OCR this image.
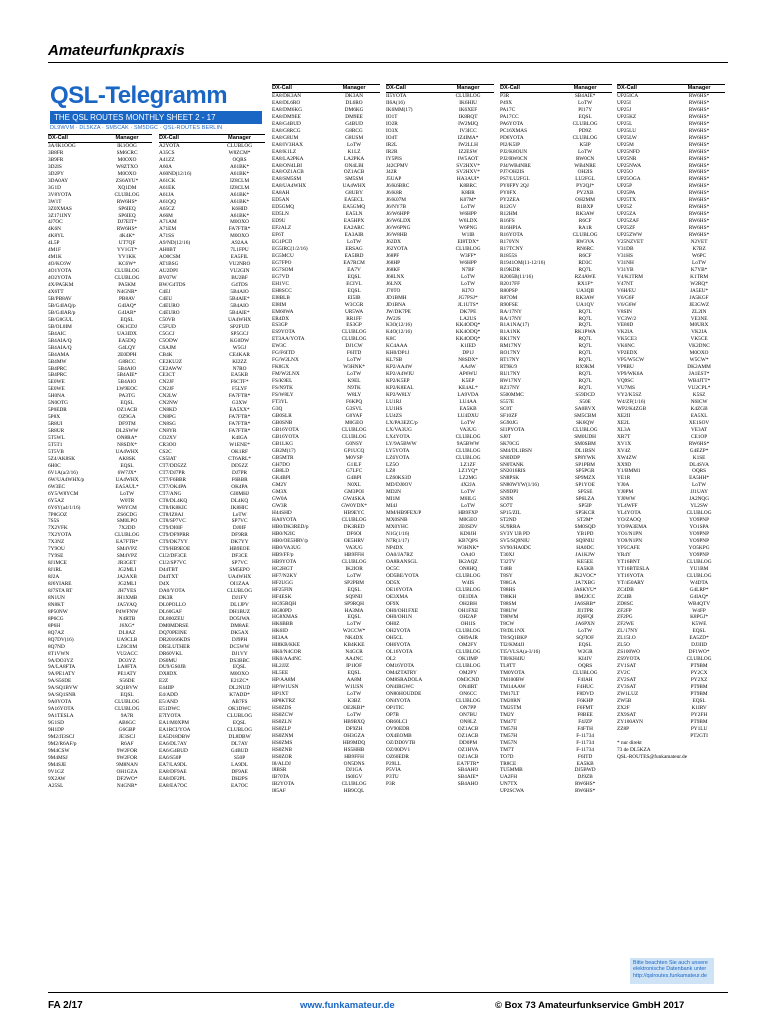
Amateurfunkpraxis
QSL-Telegramm
THE QSL ROUTES MONTHLY SHEET 2 - 17
DL9WVM · DL5KZA · SM5CAK · SM5DGC · QSL-ROUTES BERLIN
DX-Call	Manager
3A/IK1OOG	IK1OOG
3B8FR	SM6CRC
3B9FR	M0OXO
3D2IS	W8ZTXO
3D2PY	M0OXO
3DA0AY	ZS6AYU*
3G1D	XQ1DM
3V8YOTA	CLUBLOG
3W1T	RW6HS*
3Z0XMAS	SP6IEQ
3Z171INY	SP6IEQ
4J7OC	DJ7EIT*
4K6N	RW6HS*
4K8YL	4K4K*
4L5P	UT7QF
4M1F	YV1GT*
4M1K	YV1KK
4O/KC6W	KC6W*
4O1YOTA	CLUBLOG
4O2YOTA	CLUBLOG
4X/PA5KM	PA5KM
4X6TT	N4GNR*
5B/PB8AV	PB8AV
5B/G4IAQ/p	G4IAQ*
5B/G4IAR/p	G4IAR*
5B/G8GUL	EQSL
5B/OL0IM	OK1CDJ
5B4AIC	UA3IDX
5B4AIA/Q	EA5DQ
5B4AIA/Q	G4LQY
5B4AMA	2E0DPH
5B4MW	G8RCC
5B4PRC	5B4AIO
5B4PRC	5B4AIE*
5E0WE	5B4AIO
5E0WE	LW9EOC
5H0NA	PA3TG
5N0OTG	EQSL
5P0EDR	OZ1ACB
5P8X	OZ9GA
5R8UI	DF9TM
5R8UR	DL2SWW
5T5WL	ON8RA*
5T5T1	N8SDX*
5T5VB	UA4WHX
5Z4/AK8SK	AK8SK
6H0C	EQSL
6V1A(a/2/16)	6W7JX*
6W/UA4WHX/p	UA4WHX
6W3EC	EA5AUL*
6Y5/W8YCM	LoTW
6Y5AZ	W0TR
6Y6Y(a4/1/16)	W8YCM
7P8GOZ	ZS6CDG
7S5S	SM0LPO
7X2VFK	7X2DD
7X2YOTA	CLUBLOG
7X3NZ	EA7FTR*
7Y9OU	SM4VPZ
7Y9SE	SM4VPZ
8J1MCE	JR3GET
8J1RL	JG2MLI
8J2A	JA2AXB
8J6YIARE	JG2MLI
8J7STA RT	JH7YES
8N1UN	JH1XMB
8N8KT	JA5YAQ
8P50NW	P4WFNW
8P6CG	N4RTB
8P6H	J6XG*
8Q7AZ	DL8AZ
8Q7DV(16)	UA9CLB
8Q7ND	LZ6C0M
8T1VWN	VU2ACC
9A/DO3YZ	DO3YZ
9A/LA8FTA	LA8FTA
9A/PE1ATY	PE1ATY
9A/S56DE	S56DE
9A/SQ1BVW	SQ1BVW
9A/SQ1SNR	EQSL
9A0YOTA	CLUBLOG
9A16YOTA	CLUBLOG
9A1TESLA	9A7R
9G1SD	AB6GC
9H1DP	G6GBP
9M2/JI3SCJ	JE3SCJ
9M2/R6AF/p	R6AF
9M4CSW	9W2FOR
9M4MSJ	9W2FOR
9M4SJE	9M8NAN
9V1GZ	OH1GZA
9X2AW	DF2WO*
A25SL	N4GNR*
DX-Call	Manager
A2YOTA	CLUBLOG
A35CS	W8ZCM*
A41ZZ	OQRS
A60A	A61BK*
A60ND(12/16)	A61BK*
A61CK	IZ8CLM
A61EK	IZ8CLM
A61JA	A61BK*
A61QQ	A61BK*
A65CZ	K6HID
A66M	A61BK*
A71AM	M0OXO
A71EM	FA7FTR*
A71SS	M0OXO
A9/ND(12/16)	A92AA
AH0BT	7L1FPU
AO0CSM	EA5FIL
AT1BSG	VU2NRO
AU2DPI	VU2GIN
BV07W	BU2BF
BW/G4TDS	G4TDS
C4EJ	5B4AIO
C4EU	5B4AIE*
C4EURO	5B4AIO
C4EURO	5B4AIE*
C50VB	UA4WHX
C5FUD	SP2FUD
C5GCJ	SP5GCJ
C5ODW	KG0DW
C6AJM	W5GJ
CB4K	CE4KAR
CE2KU2Z	KI2ZZ
CE2AWW	N7RO
CE3CT	EA5KB
CN2JF	F6CTF*
CN2JF	F5LYF
CN2LW	FA7FTR*
CN2NW	G3XW
CN8KD	EA5XX*
CN8PG	FA7FTR*
CN8SG	FA7FTR*
CN8YR	FA7FTR*
CO2XV	K4IGA
CR3OO	W1ENE*
CS2C	OK1RF
CS5IAT	CT6ARL*
CT7/DD5ZZ	DD5ZZ
CT7/DJ7PR	DJ7PR
CT7/F6BBR	F6BBR
CT7/OK4PA	OK4PA
CT7/ANG	GI0MHJ
CT8/DL4KQ	DL4KQ
CT8/IK8KIC	IK8HIC
CT8/IZ8AJ	LoTW
CT8/SP7VC	SP7VC
CT9/DI0IF	DJ0IF
CT9/DF9PRR	DF9RR
CT9/DK7YY	DK7YY
CT9/HB9EOE	HB9EOE
CU2/DF3CE	DF3CE
CU2/SP7VC	SP7VC
D44TBT	SM5EPO
D44TXT	UA4WHX
D4X	OI1ZAA
DA0/YOTA	CLUBLOG
DK3R	DJ1FV
DL0POLLO	DL1JPV
DL60GAF	DH1BUZ
DL800ZEU	DO5JWA
DM0MDRSE	DM8AE
DQ70PEINE	DK5AX
DR20166KDS	DJ9PH
DR5LUTHER	DC5WW
DR60VKL	DJ1VY
DS0MU	DS3BBC
DU9/GS0JB	EQSL
DX8DX	M0OXO
E2Z	E21ZC*
E44IIP	DL2NUD
E4/ADD	K7ADD*
E5/AND	AB7FS
E51DWC	OK1DWC
E7IYOTA	CLUBLOG
EA1/M0XPM	EQSL
EA1RCI/YOA	CLUBLOG
EA5D18DBW	DL8DBW
EA6/DL7AY	DL7AY
EA6/G4BUD	G4BUD
EA6/S50P	S50P
EA7/LA9DL	LA9DL
EA8/DF9AE	DF9AE
EA8/DF2PL	DH2PS
EA8/EA7OC	EA7OC
DX-Call	Manager
EA8/DK3AN	DK3AN
EA8/DL6RO	DL6RO
EA8/DM6KG	DM6KG
EA8/DM9EE	DM9EE
EA8/G4BUD	G4BUD
EA8/G8RCG	G8RCG
EA8/G8UM	G8USM
EA8/IV3HAX	LoTW
EA8/K1LZ	K1LZ
EA8/LA2PKA	LA2PKA
EA8/ON4LBI	ON4LBI
EA8/OZ1ACB	OZ1ACB
EA8/SM5SM	SM5SM
EA8/UA4WHX	UA4WHX
EA8AH	G8UBY
ED5AN	EA5ECL
ED5GMQ	EA5GMQ
ED5LN	EA5LN
ED9U	EA5HPX
EF2ALZ	EA2ARC
EF6T	EA3AIR
EG1PCD	LoTW
EG5IRC(1/2/16)	ERSAG
EG5MCU	EA5IRD
EG7FPO	EA7RCM
EG7SOM	EA7V
EG7VD	EQSL
EH1VC	ECIVL
EH8SCC	EQSL
EI8BLB	EI5IB
EI8IM	W3CGR
EM60WA	UR5WA
ER4DX	RR1FF
ES3GP	ES3GP
ES9YOTA	CLUBLOG
ET3AA/YOTA	CLUBLOG
EW3C	DJ1CW
FG/F6ITD	F6ITD
FG/W2LNX	LoTW
FK8GX	W3HNK*
FM/W2LNX	LoTW
FS/K9EL	K9EL
FS/N9TK	N9TK
FS/W8LY	W8LY
FT3YL	F6KPQ
G3Q	G3SVL
GB0SLR	G0YAF
GB0SNB	M0GEO
GB16YOTA	CLUBLOG
GB16YOTA	CLUBLOG
GB1LKG	G0NSY
GB2M(17)	GP1UCQ
GB5MTR	M0VSP
GH7DO	G1ILF
GB8LD	G7LFC
GK4BPI	G4BPI
GM2Y	N0XL
GM3X	GM3POI
GW0A	GW4SKA
GW3R	GW0YDX*
H44SHD	HB9EYC
HA0YOTA	CLUBLOG
HB0/DK3RED/p	DK3RED
HB0/N2IC	DF6OI
HB0/OE5HRV/p	OE5HRV
HB0/VA3UG	VA3UG
HB9/FF/p	HB9FFH
HB9YOTA	CLUBLOG
HC2HGT	IK2IOR
HF7/N2KY	LoTW
HF2UGG	SP2PBM
HF25FIN	EQSL
HF4ESK	SQ9NIJ
HG95RQH	SP9RQH
HG80PD	HA3MA
HG8XMAS	EQSL
HK6BBB	LoTW
HK6ID	W2CCW*
HI3AA	NK4DX
HI8KB/KKE	KB4KKE
HK0/N4COR	N4GCR
HK0/AA4NC	AA4NC
HL2JJZ	IP1IOF
HL5EE	EQSL
HP/AA8M	AA8M
HP/W1USN	W1USN
HP1XT	LoTW
HP8KTRZ	K3BZ
HS0ZDS	OE2KBI*
HS0ZCW	LoTW
HS0ZLN	HB9BXQ
HS0ZLP	DF9ZH
HS0ZNM	OH3GZA
HS0ZMS	HB9MDQ
HS0ZNB	HS5HHB
HS0ZOR	HB9FFH
I8/ALDJ	ON5DNS
I8BSR	DJ1GA
IB70TA	IS0IGV
IB2YOTA	CLUBLOG
I85AF	HB9CQL
DX-Call	Manager
II5YOTA	CLUBLOG
II6A(16)	IK6HIU
IK6MM(17)	IK6XEF
IO1T	IK8RQT
IO2R	IW2MJQ
IO3X	IV3ICC
IO4T	IZ4IMA*
IR2L	IW2LLH
IR2R	IZ2ESW
IY5PIS	IW5AOT
J42CPMV	SV2HXV*
J42R	SV2HXV*
J5UAP	HA3AUI*
J6/K6BRC	K8BRC
J6/K8R	K8BR
J6/K07M	K07M*
J6/NY7B	LoTW
J6/W6HPP	W6HPP
J6/W6LDX	W6LDX
J6/W6PNG	W6PNG
J6/W8HB	W1IB
J62DX	EI8TDX*
J62YOTA	CLUBLOG
J68PF	W3FF*
J68HP	W6HPP
J68KF	N7BF
J68LNX	LoTW
J6LNX	LoTW
J70TO	KI7O
JD1BMH	JG7PSJ*
JD1BNA	JL1UTS*
JW/DK7PE	DK7PE
JW2JS	LA2US
K3O(12/16)	KK4ODQ*
K4O(12/16)	KK4ODQ*
K8C	KK4ODQ*
KC4AAA	K1IED
KH0/DP1J	DP1J
KL7SB	N8SDX*
KP2/AA4W	AA4W
KP2/A4WIU	AP6WU
KP2/K5EP	K5EP
KP2/K8EAL	KE4AL*
KP2/W8LY	LA9VDA
LU1RJ	LU4AA
LU1HS	EA5KB
LU4ZS	LU4DXU
LX/PA3EZC/p	LoTW
LX/VA3UG	VA3UG
LX4YOTA	CLUBLOG
LY/9A5BWW	9A5BWW
LY5YOTA	CLUBLOG
LZ6YOTA	CLUBLOG
LZ5O	LZ1ZF
LZ8	LZ1YQ*
LZ60KS3D	LZ2MG
MD/DJ0OV	4X2JA
MD2N	LoTW
MI1M	M0ILG
MI4J	LoTW
MM/HB9FEX/P	HB9FXP
MX0SNB	M0GEO
MX0YHC	2E0SDV
N1G(1/16)	KD0JH
N7R(1/17)	KB7QPS
NP4DX	W3HNK*
OA0/JA7RZ	OA4O
OA8RANSGL	IK2AQZ
OC5C	ON8HQ
OD5BE/YOTA	CLUBLOG
OD5X	W4IS
OE16YOTA	CLUBLOG
OE3XMA	OE1DIA
OF9X	OH2BH
OH0/OH1FXE	OH1FXE
OH0/OH1N	OH2AP
OH0Z	OH1IS
OH2YOTA	CLUBLOG
OH5CL	OH9AJR
OH6YOTA	OM2FY
OL16YOTA	CLUBLOG
OL2	OK1IMP
OM16YOTA	CLUBLOG
OM4ZTATRY	OM2PY
OM8SRADOLA	OM3CND
ON4IRGWC	ON4IRT
ON80HOUDDE	ON6CC
ON4YOTA	CLUBLOG
OP1TIC	ON7PP
OP7B	ON7BU
OR60LCI	ON8LZ
OV90EDR	OZ1ACB
OX4EOMB	OZ1ACB
OZ/DD0VTB	DD0PM
OZ/00DV1	OZ1HVA
OZ60EDR	OZ1ACB
P29LL	EA7FTR*
P5VIA	SB4AHO
P3TU	SB4AIE*
P3R	SB4AHO
DX-Call	Manager
P3R	SB4AIE*
P49X	LoTW
PA17C	PI17Y
PA17CC	EQSL
PA6YOTA	CLUBLOG
PC16XMAS	PD9Z
PD6YOTA	CLUBLOG
PI2/K5IP	K5IP
PJ2/K8OUN	LoTW
PJ2/RW0CN	RW0CN
PJ4/WB4NRE	WB4NRE
PJ7/OH2IS	OH2IS
PS7/LU2FGL	LU2FGL
PY0FPY 2QJ	PY2QJ*
PY0FX	PY2XB
PY2ZEA	OH2MM
R12GV	R1BXP
R12HM	RK3AW
R16FS	R6CF
R16HPIA	RA1R
R16YOTA	CLUBLOG
R170YN	RW3VA
R17TCNY	RN6RC
R1855S	R6CF
R1941OM(11-12/16)	RD3C
R19KDR	RQ7L
R2005B(11/16)	RZ4AWE
R2017FF	RX1F*
R80PSP	UA3QII
R87OM	RK3AW
R90FSE	UA1QV
RA/17NY	RQ7L
RA/17NY	RQ7L
R1A1NA(17)	RQ7L
R1A1NK	RK1PWA
RK17NY	RQ7L
RM17NY	RQ7L
RO17NY	RQ7L
RT17NY	RQ7L
RT9K/9	RX9KM
RU17NY	RQ7L
RW17NY	RQ7L
RZ17NY	RQ7L
S500MMC	S59DCD
S557E	S50E
SC0T	SA0BVX
SF10ZF	SM5CBM
SG90JG	SK6QW
SI1PYOTA	CLUBLOG
SJ0T	SM0UDH
SK70CG	SM0SBM
SM4/DL1BSN	DL1BSN
SN0DDP	SP8YWK
SN0TANK	SP1PBM
SN2016RIS	SP5PGR
SN8PSK	SP9MZX
SN80WYW(1/16)	SP1YOE
SN9DPI	SP5SE
SN9N	SP6LZA
SO7T	SP5IP
SP15/ZIL	SP5KCR
ST2ND	ST2M*
SU9RRA	SM0SQD
SV3Y UB PD	YB1PD
SV5/SQ9NIU	SQ9NIU
SV90/HA0DC	HA0DC
T30XJ	JA1KJW
T32TV	KE5EE
T48B	EA5KB
T8SY	JK2VOC*
T88GA	JA7XBG
T88HS	JA6KYU*
T88KH	BM2JCC
T88SM	JA6SRB*
T88UW	JI1TPR
T88WM	JQ6FQI
T8CW	JA6PXN
T8/DL1NX	LoTW
T8/SQ1BKP	SQ7IOF
TI2/KM4JI	EQSL
TI5/VLSA(a-3/16)	W2GR
TI8/KH4IU	KI4IV
TL8TT	OQRS
TM0YOTA	CLUBLOG
TM100BW	F4IAH
TM14AAW	F4HUC
TM17LT	F8DVD
TM20RN	F6KHP
TM25TM	F6FMT
TM2Y	F8BEE
TM47T	F4JZP
TM57H	F4FTH
TM57H	F-11734
TM57N	F-11734
TM7T	F-11734
TO7D	F6ITD
TR8CE	EA5KB
TU5MMB	DJ5BWD
UA2FH	DJ9ZB
UN7TX	RW6HS*
UP2SCWA	RW6HS*
DX-Call	Manager
UP25ICA	RW6HS*
UP25I	RW6HS*
UP25J	RW6HS*
UP25KZ	RW6HS*
UP25L	RW6HS*
UP25LU	RW6HS*
UP25LW	RW6HS*
UP25M	RW6HS*
UP25NFD	RW6HS*
UP25NR	RW6HS*
UP25NWA	RW6HS*
UP25O	RW6HS*
UP25OGA	RW6HS*
UP25P	RW6HS*
UP25PA	RW6HS*
UP25TX	RW6HS*
UP25Z	RW6HS*
UP25ZA	RW6HS*
UP25ZAF	RW6HS*
UP25ZF	RW6HS*
UP25ZWW	RW6HS*
V25NZVET	N2VET
V31DB	K7BZ
V31HS	W6PC
V31NH	LoTW
V31YB	K7YB*
V4/K1TRM	K1TRM
V47NT	W2RQ*
V6H/EU	JA5EU*
V6/G6F	JA5KGF
V6/G6W	JE3GWZ
V8SIN	ZL2IN
VC3W/2	VE3NE
VE80D	M0URX
VK2IA	VK2IA
VK5CE3	VK5CE
VK6NC	VK2DNC
VP2EDX	M0OXO
VP5/W5CW	W5CW*
VP8BU	DK2AMM
VP9/WK6A	JA1EST*
VQ9SC	WB4JTT*
VU7MS	VU2CPL*
VY2/K5SZ	K5SZ
W4/ZF(1/16)	N6ICW
WP2/K4ZGB	K4ZGB
XE2II	EA5XL
XE2L	XE1SOV
XL3A	VE3AT
XR7T	CE1OP
XV1X	RW6HS*
XV4Z	G4EZP*
XW4ZW	K1SE
XX9D	DL4SVA
Y1/BMM1	OQRS
YE1R	EA5HH*
YJ0A	LoTW
YJ0PM	JJ1UAY
YJ0WW	JA2NQG
YL4WFF	YL2SW
YL4YOTA	CLUBLOG
YO/ZAOQ	YO9PNP
YO/PA3EMA	YO1SPA
YO1/N1PN	YO9PNP
YO9/N1PN	YO9PNP
YP5CAFE	YO5KPG
YR4Y	YO9PNP
YT16BNT	CLUBLOG
YT16BTESLA	YU1BM
YT16YOTA	CLUBLOG
YT/450ARY	W4DTA
ZC4DB	G4LRP*
ZC4IB	G4IAQ*
ZD8SC	WB4QTV
ZF2FP	W4FP
ZF2PG	K8PGJ*
ZF2WE	K5WE
ZL/17NY	EQSL
ZL15I.O	EA5ZD*
ZL5O	DJ3IID
ZS100WO	DF1WO*
ZS9YOTA	CLUBLOG
ZV1SAT	PT9BM
ZV2C	PY2CX
ZV2SAT	PY2XZ
ZV3SAT	PT9BM
ZW1LUZ	PT9BM
ZW5B	EQSL
ZX2F	K1IRV
ZX9SAT	PY2FH
ZY100AYN	PT9BM
ZZ8P	PY1LU
PT2GTI
* nur direkt
73 de DL5KZA
QSL-ROUTES@funkamateur.de
Bitte beachten Sie auch unsere elektronische Datenbank unter http://qslroutes.funkamateur.de
FA 2/17	www.funkamateur.de	© Box 73 Amateurfunkservice GmbH 2017
